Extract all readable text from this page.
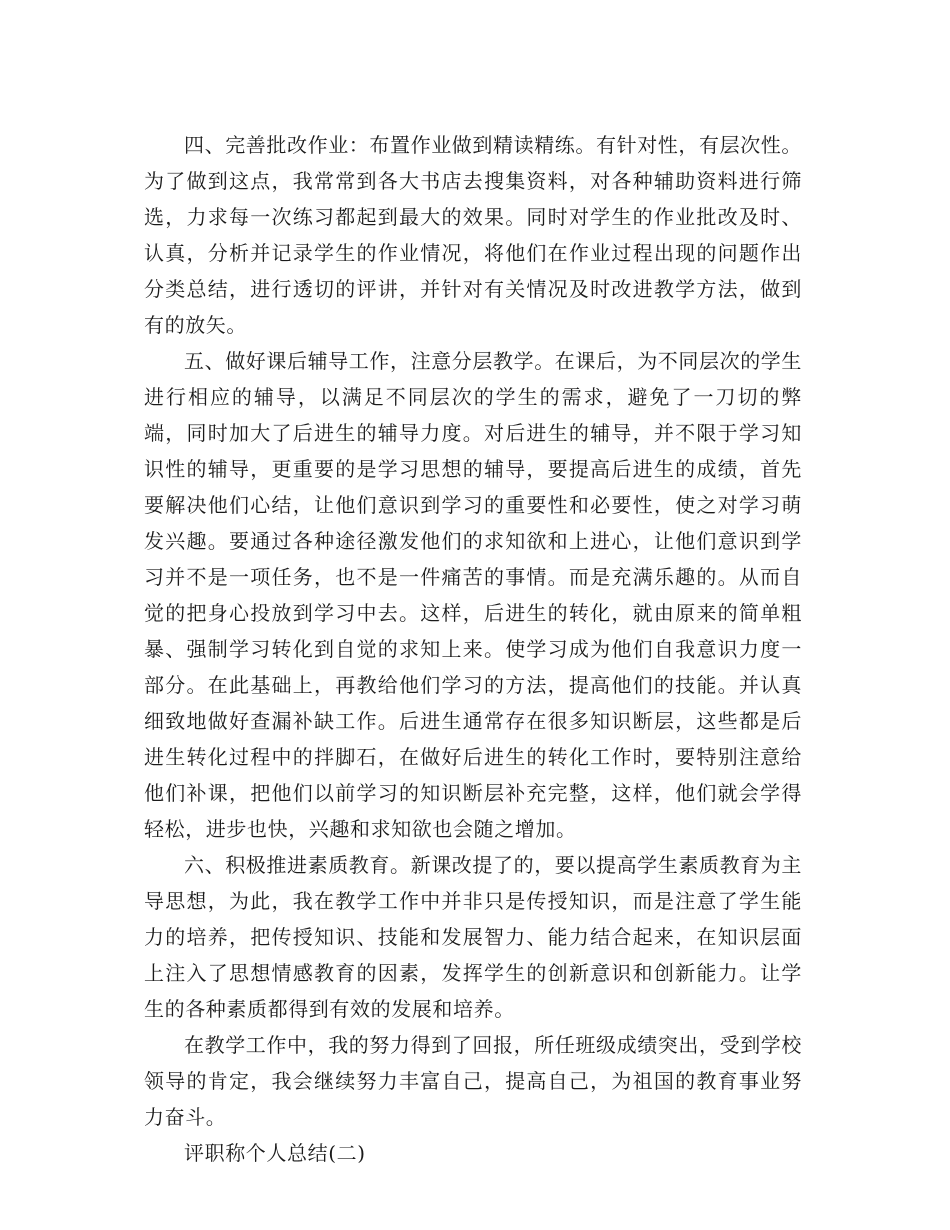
四、完善批改作业：布置作业做到精读精练。有针对性，有层次性。为了做到这点，我常常到各大书店去搜集资料，对各种辅助资料进行筛选，力求每一次练习都起到最大的效果。同时对学生的作业批改及时、认真，分析并记录学生的作业情况，将他们在作业过程出现的问题作出分类总结，进行透切的评讲，并针对有关情况及时改进教学方法，做到有的放矢。

五、做好课后辅导工作，注意分层教学。在课后，为不同层次的学生进行相应的辅导，以满足不同层次的学生的需求，避免了一刀切的弊端，同时加大了后进生的辅导力度。对后进生的辅导，并不限于学习知识性的辅导，更重要的是学习思想的辅导，要提高后进生的成绩，首先要解决他们心结，让他们意识到学习的重要性和必要性，使之对学习萌发兴趣。要通过各种途径激发他们的求知欲和上进心，让他们意识到学习并不是一项任务，也不是一件痛苦的事情。而是充满乐趣的。从而自觉的把身心投放到学习中去。这样，后进生的转化，就由原来的简单粗暴、强制学习转化到自觉的求知上来。使学习成为他们自我意识力度一部分。在此基础上，再教给他们学习的方法，提高他们的技能。并认真细致地做好查漏补缺工作。后进生通常存在很多知识断层，这些都是后进生转化过程中的拌脚石，在做好后进生的转化工作时，要特别注意给他们补课，把他们以前学习的知识断层补充完整，这样，他们就会学得轻松，进步也快，兴趣和求知欲也会随之增加。

六、积极推进素质教育。新课改提了的，要以提高学生素质教育为主导思想，为此，我在教学工作中并非只是传授知识，而是注意了学生能力的培养，把传授知识、技能和发展智力、能力结合起来，在知识层面上注入了思想情感教育的因素，发挥学生的创新意识和创新能力。让学生的各种素质都得到有效的发展和培养。

在教学工作中，我的努力得到了回报，所任班级成绩突出，受到学校领导的肯定，我会继续努力丰富自己，提高自己，为祖国的教育事业努力奋斗。

评职称个人总结(二)
